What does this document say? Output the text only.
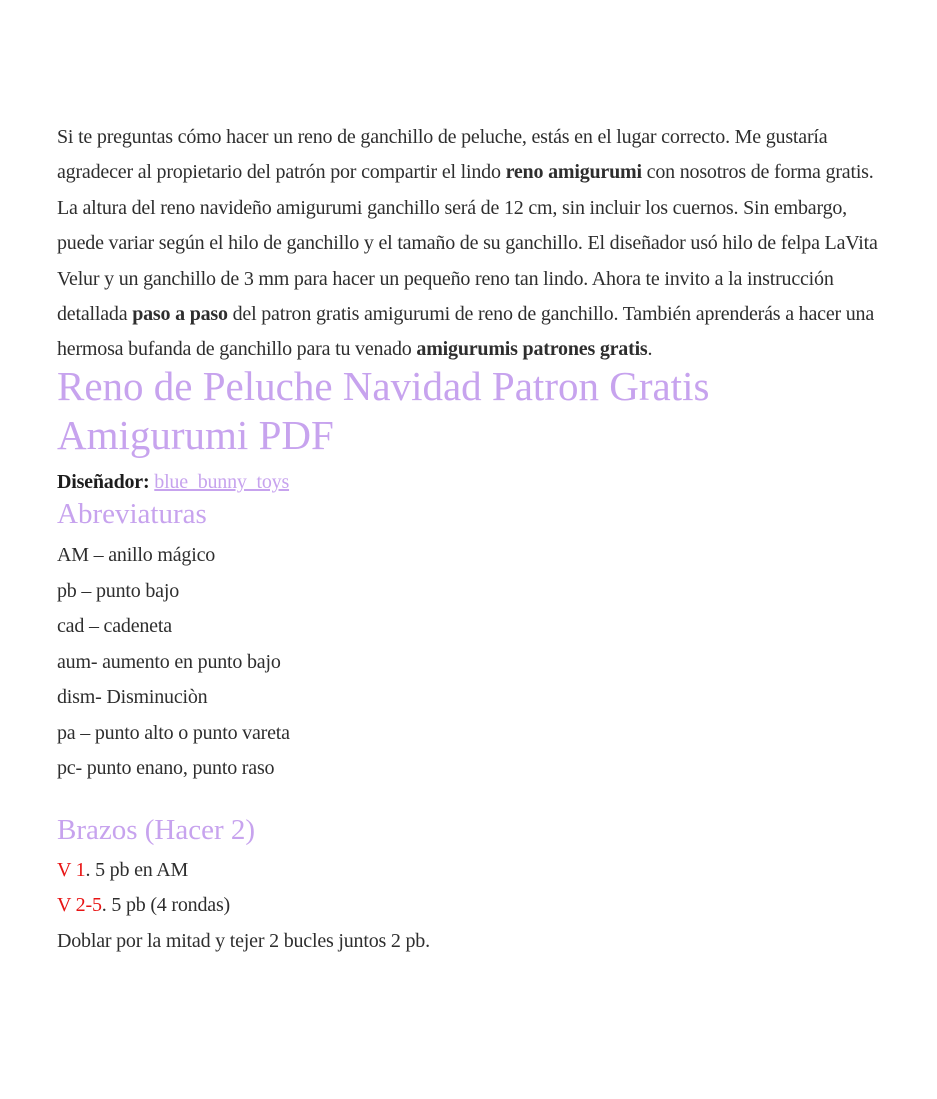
Si te preguntas cómo hacer un reno de ganchillo de peluche, estás en el lugar correcto. Me gustaría agradecer al propietario del patrón por compartir el lindo reno amigurumi con nosotros de forma gratis. La altura del reno navideño amigurumi ganchillo será de 12 cm, sin incluir los cuernos. Sin embargo, puede variar según el hilo de ganchillo y el tamaño de su ganchillo. El diseñador usó hilo de felpa LaVita Velur y un ganchillo de 3 mm para hacer un pequeño reno tan lindo. Ahora te invito a la instrucción detallada paso a paso del patron gratis amigurumi de reno de ganchillo. También aprenderás a hacer una hermosa bufanda de ganchillo para tu venado amigurumis patrones gratis.

Reno de Peluche Navidad Patron Gratis Amigurumi PDF

Diseñador: blue_bunny_toys

Abreviaturas

AM – anillo mágico

pb – punto bajo

cad – cadeneta

aum- aumento en punto bajo

dism- Disminuciòn

pa – punto alto o punto vareta

pc- punto enano, punto raso

Brazos (Hacer 2)

V 1. 5 pb en AM

V 2-5. 5 pb (4 rondas)

Doblar por la mitad y tejer 2 bucles juntos 2 pb.
